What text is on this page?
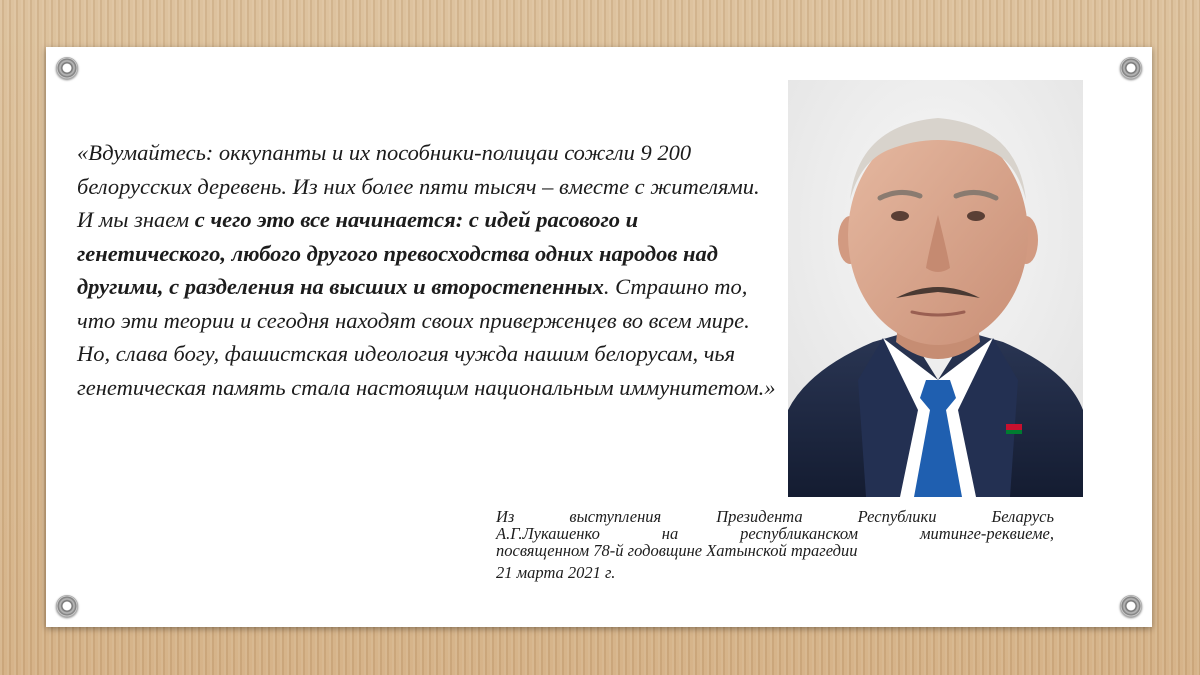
«Вдумайтесь: оккупанты и их пособники-полицаи сожгли 9 200 белорусских деревень. Из них более пяти тысяч – вместе с жителями. И мы знаем с чего это все начинается: с идей расового и генетического, любого другого превосходства одних народов над другими, с разделения на высших и второстепенных. Страшно то, что эти теории и сегодня находят своих приверженцев во всем мире. Но, слава богу, фашистская идеология чужда нашим белорусам, чья генетическая память стала настоящим национальным иммунитетом.»

Из выступления Президента Республики Беларусь
А.Г.Лукашенко на республиканском митинге-реквиеме,
посвященном 78-й годовщине Хатынской трагедии
21 марта 2021 г.
